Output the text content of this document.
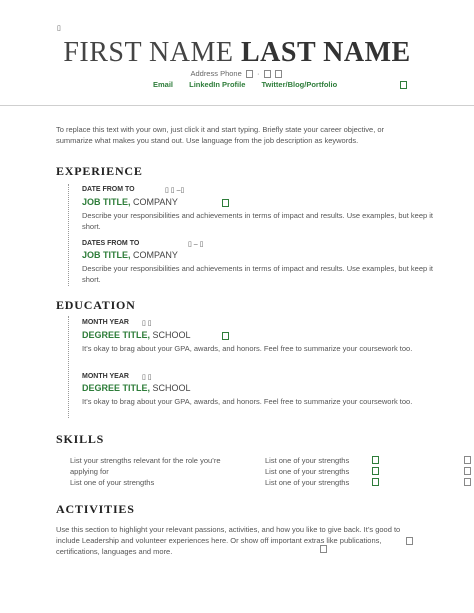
▯
FIRST NAME LAST NAME
Address Phone  ·
Email LinkedIn Profile Twitter/Blog/Portfolio
To replace this text with your own, just click it and start typing. Briefly state your career objective, or summarize what makes you stand out. Use language from the job description as keywords.
EXPERIENCE
DATE FROM TO	▯ ▯ –▯
JOB TITLE, COMPANY
Describe your responsibilities and achievements in terms of impact and results. Use examples, but keep it short.
DATES FROM TO	▯ – ▯
JOB TITLE, COMPANY
Describe your responsibilities and achievements in terms of impact and results. Use examples, but keep it short.
EDUCATION
MONTH YEAR ▯ ▯
DEGREE TITLE, SCHOOL
It’s okay to brag about your GPA, awards, and honors. Feel free to summarize your coursework too.
MONTH YEAR ▯ ▯
DEGREE TITLE, SCHOOL
It’s okay to brag about your GPA, awards, and honors. Feel free to summarize your coursework too.
SKILLS
List your strengths relevant for the role you’re applying for
List one of your strengths
List one of your strengths
List one of your strengths
List one of your strengths
ACTIVITIES
Use this section to highlight your relevant passions, activities, and how you like to give back. It’s good to include Leadership and volunteer experiences here. Or show off important extras like publications, certifications, languages and more.
